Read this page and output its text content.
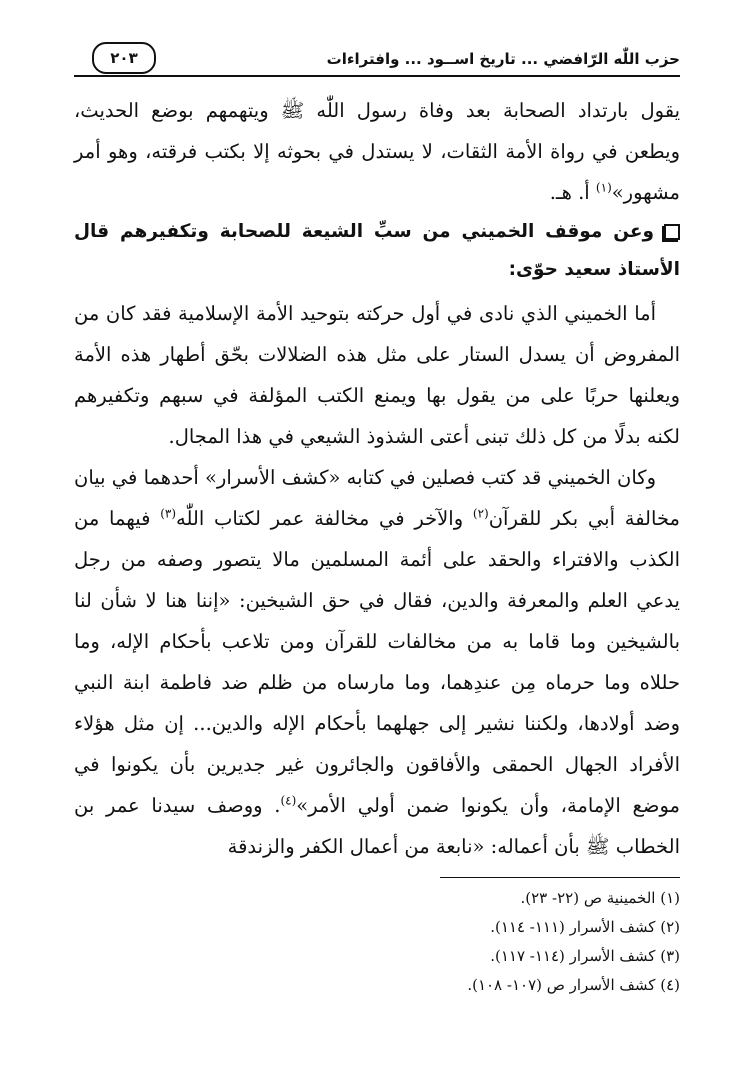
حزب اللّٰه الرّافضي ... تاريخ اســود ... وافتراءات
٢٠٣

يقول بارتداد الصحابة بعد وفاة رسول اللّٰه ﷺ ويتهمهم بوضع الحديث، ويطعن في رواة الأمة الثقات، لا يستدل في بحوثه إلا بكتب فرقته، وهو أمر مشهور»$^{(١)}$ أ. هـ.

وعن موقف الخميني من سبِّ الشيعة للصحابة وتكفيرهم قال الأستاذ سعيد حوّى:

أما الخميني الذي نادى في أول حركته بتوحيد الأمة الإسلامية فقد كان من المفروض أن يسدل الستار على مثل هذه الضلالات بحّق أطهار هذه الأمة ويعلنها حربًا على من يقول بها ويمنع الكتب المؤلفة في سبهم وتكفيرهم لكنه بدلًا من كل ذلك تبنى أعتى الشذوذ الشيعي في هذا المجال.

وكان الخميني قد كتب فصلين في كتابه «كشف الأسرار» أحدهما في بيان مخالفة أبي بكر للقرآن$^{(٢)}$ والآخر في مخالفة عمر لكتاب اللّٰه$^{(٣)}$ فيهما من الكذب والافتراء والحقد على أئمة المسلمين مالا يتصور وصفه من رجل يدعي العلم والمعرفة والدين، فقال في حق الشيخين: «إننا هنا لا شأن لنا بالشيخين وما قاما به من مخالفات للقرآن ومن تلاعب بأحكام الإله، وما حللاه وما حرماه مِن عندِهما، وما مارساه من ظلم ضد فاطمة ابنة النبي وضد أولادها، ولكننا نشير إلى جهلهما بأحكام الإله والدين... إن مثل هؤلاء الأفراد الجهال الحمقى والأفاقون والجائرون غير جديرين بأن يكونوا في موضع الإمامة، وأن يكونوا ضمن أولي الأمر»$^{(٤)}$. ووصف سيدنا عمر بن الخطاب ﷺ بأن أعماله: «نابعة من أعمال الكفر والزندقة

(١) الخمينية ص (٢٢- ٢٣).

(٢) كشف الأسرار (١١١- ١١٤).

(٣) كشف الأسرار (١١٤- ١١٧).

(٤) كشف الأسرار ص (١٠٧- ١٠٨).
